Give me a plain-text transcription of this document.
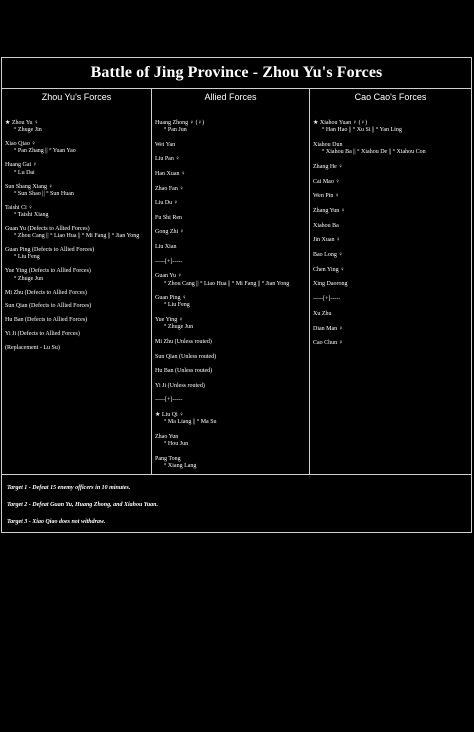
Battle of Jing Province - Zhou Yu's Forces
Zhou Yu's Forces
★ Zhou Yu ♀
° Zhuge Jin
Xiao Qiao ♀
° Pan Zhang || ° Yuan Yao
Huang Gai ♀
° Lu Dai
Sun Shang Xiang ♀
° Sun Shao || ° Sun Huan
Taishi Ci ♀
° Taishi Xiang
Guan Yu (Defects to Allied Forces)
° Zhou Cang || ° Liao Hua || ° Mi Fang || ° Jian Yong
Guan Ping (Defects to Allied Forces)
° Liu Feng
Yue Ying (Defects to Allied Forces)
° Zhuge Jun
Mi Zhu (Defects to Allied Forces)
Sun Qian (Defects to Allied Forces)
Hu Ban (Defects to Allied Forces)
Yi Ji (Defects to Allied Forces)
(Replacement - Lu Su)
Allied Forces
Huang Zhong ♀ (♀)
° Pan Jun
Wei Yan
Liu Pan ♀
Han Xuan ♀
Zhao Fan ♀
Liu Du ♀
Fu Shi Ren
Gong Zhi ♀
Liu Xian
-----[+]-----
Guan Yu ♀
° Zhou Cang || ° Liao Hua || ° Mi Fang || ° Jian Yong
Guan Ping ♀
° Liu Feng
Yue Ying ♀
° Zhuge Jun
Mi Zhu (Unless routed)
Sun Qian (Unless routed)
Hu Ban (Unless routed)
Yi Ji (Unless routed)
-----[+]-----
★ Liu Qi ♀
° Ma Liang || ° Ma Su
Zhao Yun
° Hou Jun
Pang Tong
° Xiang Lang
Cao Cao's Forces
★ Xiahou Yuan ♀ (♀)
° Han Hao || ° Xu Si || ° Yan Ling
Xiahou Dun
° Xiahou Ba || ° Xiahou De || ° Xiahou Con
Zhang He ♀
Cai Mao ♀
Wen Pin ♀
Zhang Yun ♀
Xiahou Ba
Jin Xuan ♀
Bao Long ♀
Chen Ying ♀
Xing Daorong
-----[+]-----
Xu Zhu
Dian Man ♀
Cao Chun ♀
Target 1 - Defeat 15 enemy officers in 10 minutes.
Target 2 - Defeat Guan Yu, Huang Zhong, and Xiahou Yuan.
Target 3 - Xiao Qiao does not withdraw.
